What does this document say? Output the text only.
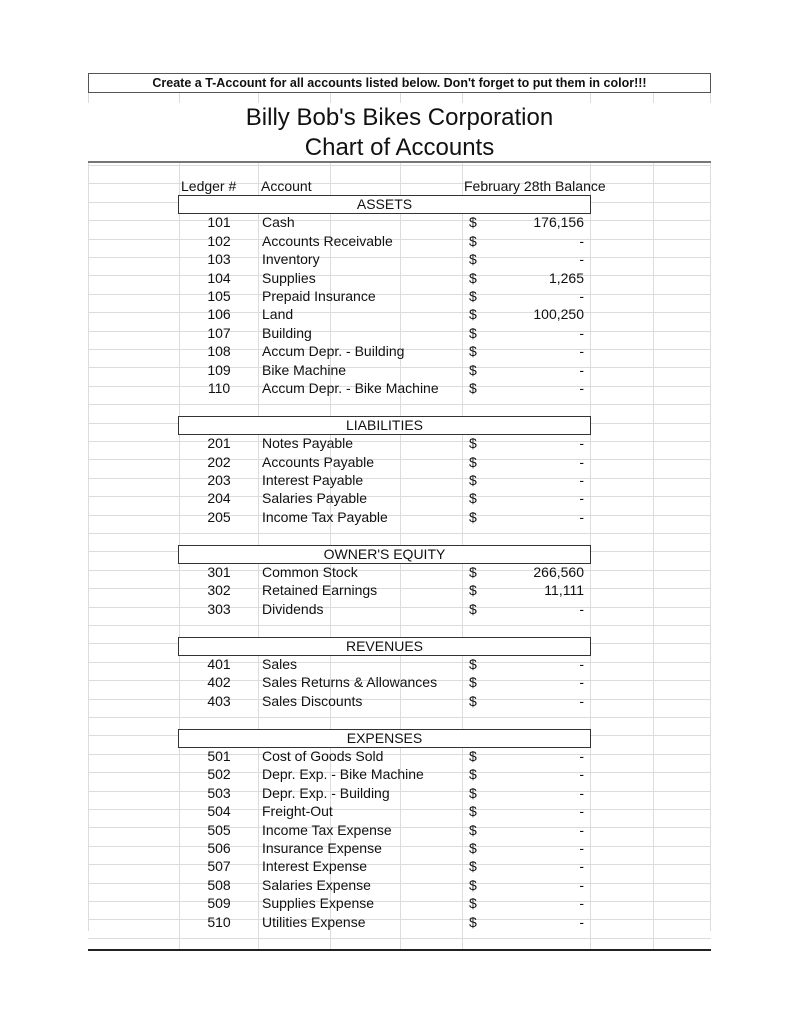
Create a T-Account for all accounts listed below. Don't forget to put them in color!!!
Billy Bob's Bikes Corporation
Chart of Accounts
Ledger # Account	February 28th Balance
ASSETS
101	Cash	$	176,156
102	Accounts Receivable	$	-
103	Inventory	$	-
104	Supplies	$	1,265
105	Prepaid Insurance	$	-
106	Land	$	100,250
107	Building	$	-
108	Accum Depr. - Building	$	-
109	Bike Machine	$	-
110	Accum Depr. - Bike Machine $	-
LIABILITIES
201	Notes Payable	$	-
202	Accounts Payable	$	-
203	Interest Payable	$	-
204	Salaries Payable	$	-
205	Income Tax Payable	$	-
OWNER'S EQUITY
301	Common Stock	$	266,560
302	Retained Earnings	$	11,111
303	Dividends	$	-
REVENUES
401	Sales	$	-
402	Sales Returns & Allowances $	-
403	Sales Discounts	$	-
EXPENSES
501	Cost of Goods Sold	$	-
502	Depr. Exp. - Bike Machine	$	-
503	Depr. Exp. - Building	$	-
504	Freight-Out	$	-
505	Income Tax Expense	$	-
506	Insurance Expense	$	-
507	Interest Expense	$	-
508	Salaries Expense	$	-
509	Supplies Expense	$	-
510	Utilities Expense	$	-
